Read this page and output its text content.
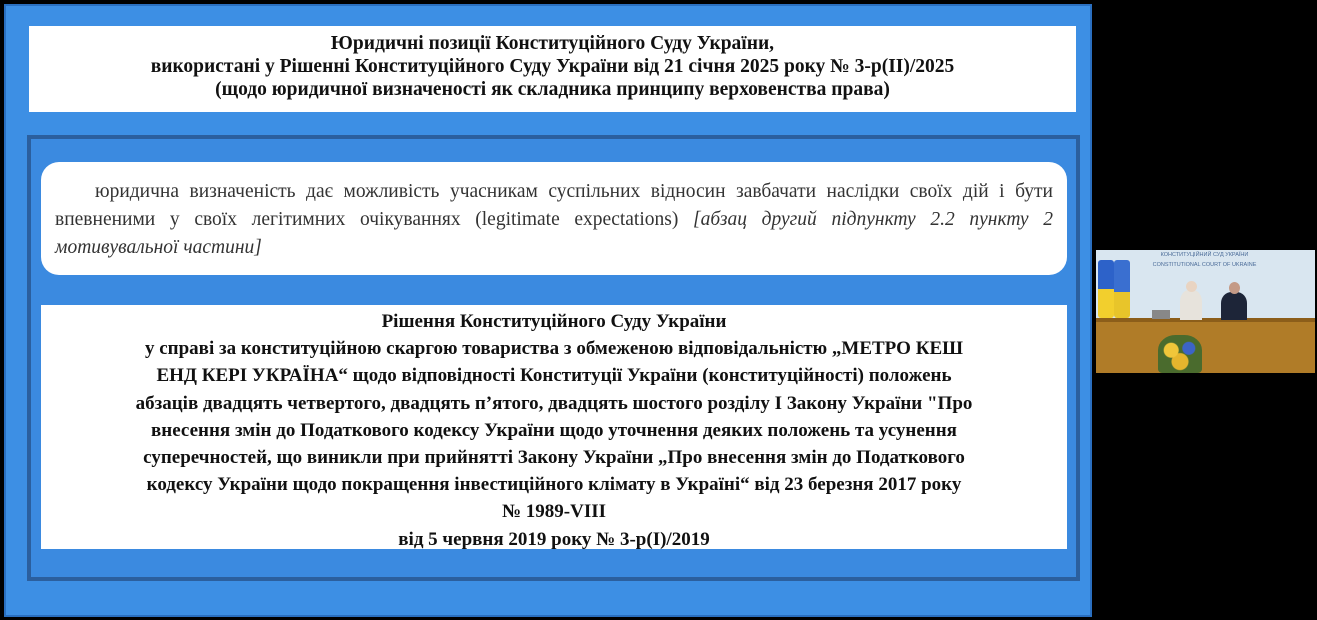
Юридичні позиції Конституційного Суду України,
використані у Рішенні Конституційного Суду України від 21 січня 2025 року № 3-р(ІІ)/2025
(щодо юридичної визначеності як складника принципу верховенства права)
юридична визначеність дає можливість учасникам суспільних відносин завбачати наслідки своїх дій і бути впевненими у своїх легітимних очікуваннях (legitimate expectations) [абзац другий підпункту 2.2 пункту 2 мотивувальної частини]
Рішення Конституційного Суду України
у справі за конституційною скаргою товариства з обмеженою відповідальністю „МЕТРО КЕШ
ЕНД КЕРІ УКРАЇНА“ щодо відповідності Конституції України (конституційності) положень
абзаців двадцять четвертого, двадцять п’ятого, двадцять шостого розділу І Закону України "Про
внесення змін до Податкового кодексу України щодо уточнення деяких положень та усунення
суперечностей, що виникли при прийнятті Закону України „Про внесення змін до Податкового
кодексу України щодо покращення інвестиційного клімату в Україні“ від 23 березня 2017 року
№ 1989-VIII
від 5 червня 2019 року № 3-р(І)/2019
КОНСТИТУЦІЙНИЙ СУД УКРАЇНИ
CONSTITUTIONAL COURT OF UKRAINE
